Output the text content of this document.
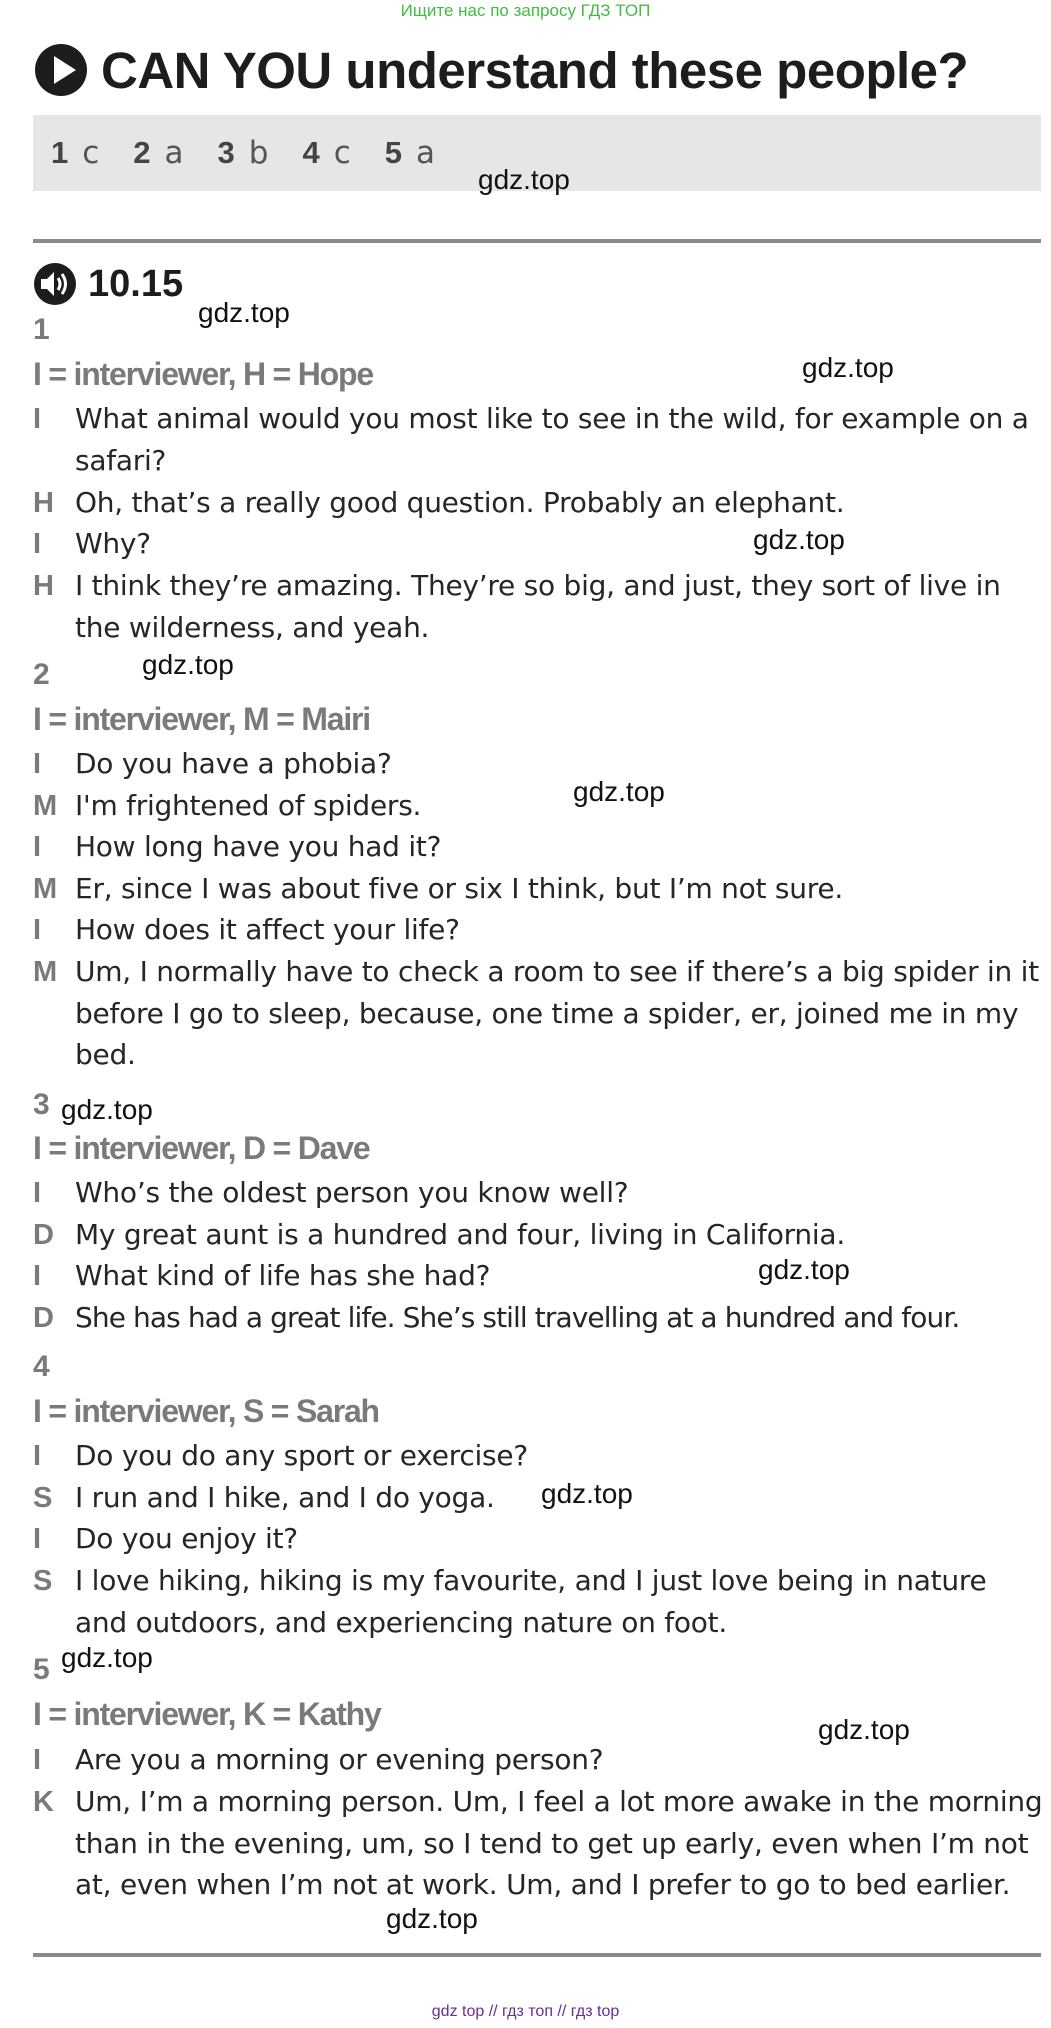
Ищите нас по запросу ГДЗ ТОП
CAN YOU understand these people?
1 c 2 a 3 b 4 c 5 a
10.15
1
I = interviewer, H = Hope
I	What animal would you most like to see in the wild, for example on a safari?
H Oh, that’s a really good question. Probably an elephant.
I	Why?
H I think they’re amazing. They’re so big, and just, they sort of live in the wilderness, and yeah.
2
I = interviewer, M = Mairi
I	Do you have a phobia?
M I'm frightened of spiders.
I	How long have you had it?
M Er, since I was about five or six I think, but I’m not sure.
I	How does it affect your life?
M Um, I normally have to check a room to see if there’s a big spider in it before I go to sleep, because, one time a spider, er, joined me in my bed.
3
I = interviewer, D = Dave
I	Who’s the oldest person you know well?
D My great aunt is a hundred and four, living in California.
I	What kind of life has she had?
D She has had a great life. She’s still travelling at a hundred and four.
4
I = interviewer, S = Sarah
I	Do you do any sport or exercise?
S I run and I hike, and I do yoga.
I	Do you enjoy it?
S I love hiking, hiking is my favourite, and I just love being in nature and outdoors, and experiencing nature on foot.
5
I = interviewer, K = Kathy
I	Are you a morning or evening person?
K Um, I’m a morning person. Um, I feel a lot more awake in the morning than in the evening, um, so I tend to get up early, even when I’m not at, even when I’m not at work. Um, and I prefer to go to bed earlier.
gdz.top
gdz.top
gdz.top
gdz.top
gdz.top
gdz.top
gdz.top
gdz.top
gdz.top
gdz.top
gdz.top
gdz.top
gdz top // гдз топ // гдз top
